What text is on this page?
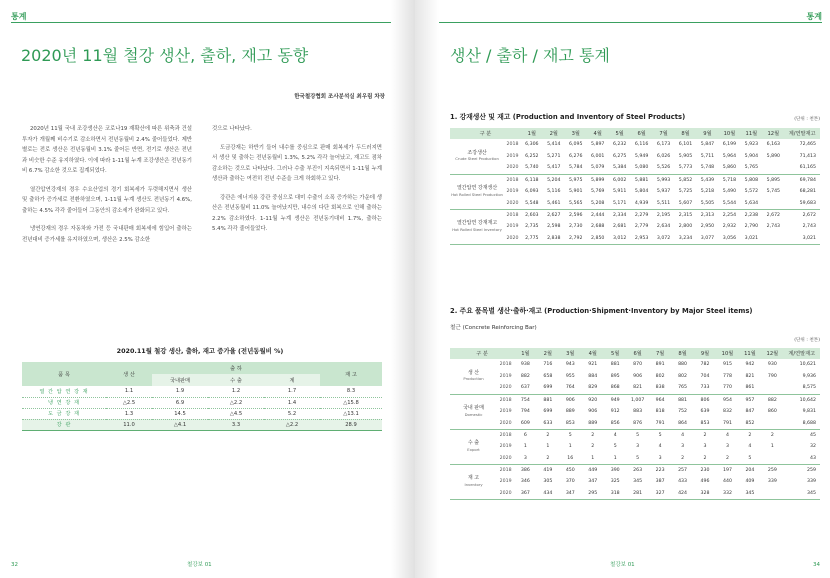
통계
2020년 11월 철강 생산, 출하, 재고 동향
한국철강협회 조사분석실 최우림 차장

2020년 11월 국내 조강생산은 코로나19 재확산에 따른 위축과 건설투자가 개월째 비수기로 감소하면서 전년동월비 2.4% 줄어들었다. 제반별로는 전로 생산은 전년동월비 3.1% 줄어든 반면, 전기로 생산은 전년과 비슷한 수준 유지하였다. 이에 따라 1-11월 누계 조강생산은 전년동기비 6.7% 감소한 것으로 집계되었다.

열간압연강재의 경우 수요산업의 경기 회복세가 두렷해지면서 생산 및 출하가 증가세로 전환하였으며, 1-11월 누계 생산도 전년동기 4.6%, 출하는 4.5% 각각 줄어들어 그동안의 감소세가 완화되고 있다.

냉연강재의 경우 자동차와 가전 등 국내판매 회복세에 힘입어 출하는 전년대비 증가세를 유지하였으며, 생산은 2.5% 감소한

것으로 나타났다.

도금강재는 하반기 들어 내수를 중심으로 판매 회복세가 두드러지면서 생산 및 출하는 전년동월비 1.3%, 5.2% 각각 늘어났고, 재고도 점차 감소하는 것으로 나타났다. 그러나 수출 부진이 지속되면서 1-11월 누계 생산과 출하는 여전히 전년 수준을 크게 하회하고 있다.

강관은 에너지용 강관 중심으로 대미 수출이 소폭 증가하는 가운데 생산은 전년동월비 11.0% 늘어났지만, 내수의 다단 회복으로 인해 출하는 2.2% 감소하였다. 1-11월 누계 생산은 전년동기대비 1.7%, 출하는 5.4% 각각 줄어들었다.

2020.11월 철강 생산, 출하, 재고 증가율 (전년동월비 %)
품 목	생 산	출 하			재 고
		국내판매	수 출	계	
열 간 압 연 강 재	1.1	1.9	1.2	1.7	8.3
냉 연 강 재	△2.5	6.9	△2.2	1.4	△15.8
도 금 강 재	1.3	14.5	△4.5	5.2	△13.1
강 관	11.0	△4.1	3.3	△2.2	28.9
32	철강보 01
통계
생산 / 출하 / 재고 통계
1. 강재생산 및 재고 (Production and Inventory of Steel Products)	(단위 : 천톤)
구 분		1월	2월	3월	4월	5월	6월	7월	8월	9월	10월	11월	12월	계/연말재고

조강생산
Crude Steel Production	2018	6,306	5,414	6,095	5,897	6,232	6,116	6,173	6,101	5,847	6,199	5,923	6,163	72,465
	2019	6,252	5,271	6,276	6,001	6,275	5,949	6,026	5,905	5,711	5,964	5,904	5,890	71,413
	2020	5,740	5,417	5,784	5,079	5,384	5,080	5,526	5,773	5,748	5,860	5,765		61,165

열간압연 강재생산
Hot Rolled Steel Production	2018	6,118	5,204	5,975	5,899	6,002	5,881	5,993	5,852	5,439	5,718	5,808	5,895	69,784
	2019	6,093	5,116	5,901	5,769	5,911	5,804	5,937	5,725	5,218	5,490	5,572	5,745	68,281
	2020	5,548	5,461	5,565	5,208	5,171	4,939	5,511	5,607	5,505	5,544	5,634		59,683

열간압연 강재재고
Hot Rolled Steel Inventory	2018	2,603	2,627	2,596	2,444	2,334	2,279	2,195	2,315	2,313	2,254	2,238	2,672	2,672
	2019	2,735	2,598	2,730	2,688	2,681	2,779	2,634	2,800	2,950	2,932	2,790	2,743	2,743
	2020	2,775	2,838	2,792	2,850	3,012	2,953	3,072	3,234	3,077	3,056	3,021		3,021
2. 주요 품목별 생산·출하·재고 (Production·Shipment·Inventory by Major Steel items)
철근 (Concrete Reinforcing Bar)
(단위 : 천톤)
구 분		1월	2월	3월	4월	5월	6월	7월	8월	9월	10월	11월	12월	계/연말재고

생 산
Production	2018	938	716	943	921	881	870	891	880	782	915	942	930	10,621
	2019	882	658	955	884	895	906	802	802	704	778	821	790	9,936
	2020	637	699	764	829	868	821	838	765	733	770	861		8,575

국내 판매
Domestic	2018	754	881	906	920	949	1,007	964	881	806	954	957	882	10,642
	2019	794	699	889	906	912	883	818	752	639	832	847	860	9,831
	2020	609	633	853	889	856	876	791	864	853	791	852		8,688

수 출
Export	2018	6	2	5	2	4	5	5	4	2	4	2	2	45
	2019	1	1	1	2	5	3	4	3	3	3	4	1	32
	2020	3	2	16	1	1	5	3	2	2	2	5		43

재 고
Inventory	2018	386	419	450	449	390	263	223	257	230	197	204	259	259
	2019	346	305	370	347	325	345	387	433	496	440	409	339	339
	2020	367	434	347	295	318	281	327	424	328	332	345		345
철강보 01	34
